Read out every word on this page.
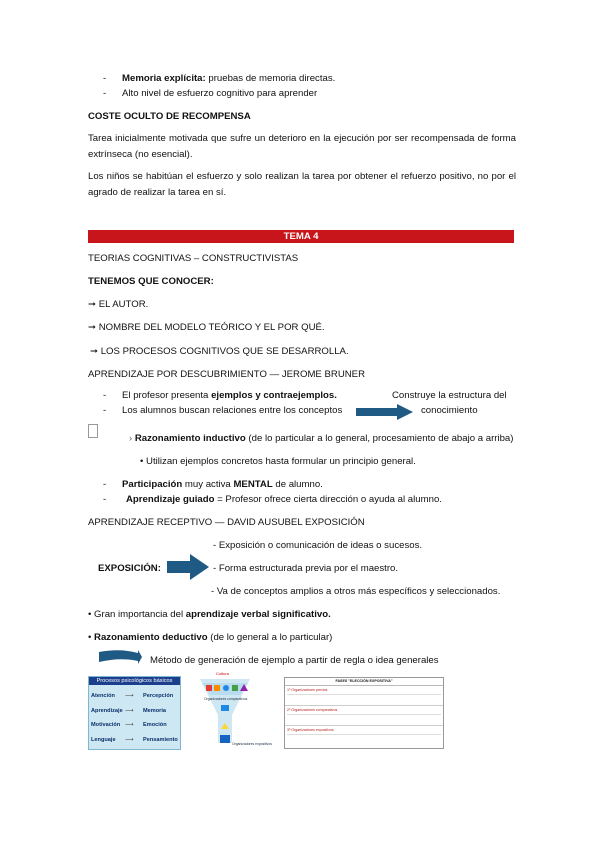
- Memoria explícita: pruebas de memoria directas.
- Alto nivel de esfuerzo cognitivo para aprender
COSTE OCULTO DE RECOMPENSA
Tarea inicialmente motivada que sufre un deterioro en la ejecución por ser recompensada de forma extrínseca (no esencial).
Los niños se habitúan el esfuerzo y solo realizan la tarea por obtener el refuerzo positivo, no por el agrado de realizar la tarea en sí.
TEMA 4
TEORIAS COGNITIVAS – CONSTRUCTIVISTAS
TENEMOS QUE CONOCER:
➞ EL AUTOR.
➞ NOMBRE DEL MODELO TEÓRICO Y EL POR QUÉ.
➞ LOS PROCESOS COGNITIVOS QUE SE DESARROLLA.
APRENDIZAJE POR DESCUBRIMIENTO — JEROME BRUNER
- El profesor presenta ejemplos y contraejemplos.
- Los alumnos buscan relaciones entre los conceptos
Construye la estructura del
conocimiento
› Razonamiento inductivo (de lo particular a lo general, procesamiento de abajo a arriba)
• Utilizan ejemplos concretos hasta formular un principio general.
- Participación muy activa MENTAL de alumno.
- Aprendizaje guiado = Profesor ofrece cierta dirección o ayuda al alumno.
APRENDIZAJE RECEPTIVO — DAVID AUSUBEL EXPOSICIÓN
- Exposición o comunicación de ideas o sucesos.
EXPOSICIÓN:	- Forma estructurada previa por el maestro.
- Va de conceptos amplios a otros más específicos y seleccionados.
• Gran importancia del aprendizaje verbal significativo.
• Razonamiento deductivo (de lo general a lo particular)
Método de generación de ejemplo a partir de regla o idea generales
Procesos psicológicos básicos
Atención
Aprendizaje
Motivación
Lenguaje
⟶
⟶
⟶
⟶
Percepción
Memoria
Emoción
Pensamiento
Cultura
Organizadores comparativos
Organizadores expositivos
FASES "ELECCIÓN EXPOSITIVA"
1º Organizadores previos
2º Organizadores comparativos
3º Organizadores expositivos
